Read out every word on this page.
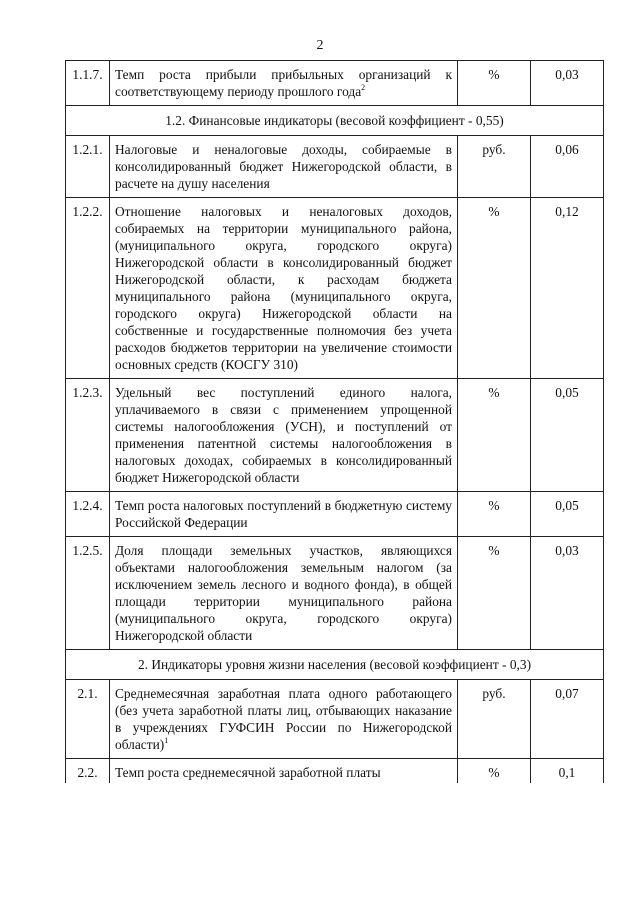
2
1.1.7.	Темп роста прибыли прибыльных организаций к соответствующему периоду прошлого года$^2$	%	0,03
1.2. Финансовые индикаторы (весовой коэффициент - 0,55)			
1.2.1.	Налоговые и неналоговые доходы, собираемые в консолидированный бюджет Нижегородской области, в расчете на душу населения	руб.	0,06
1.2.2.	Отношение налоговых и неналоговых доходов, собираемых на территории муниципального района, (муниципального округа, городского округа) Нижегородской области в консолидированный бюджет Нижегородской области, к расходам бюджета муниципального района (муниципального округа, городского округа) Нижегородской области на собственные и государственные полномочия без учета расходов бюджетов территории на увеличение стоимости основных средств (КОСГУ 310)	%	0,12
1.2.3.	Удельный вес поступлений единого налога, уплачиваемого в связи с применением упрощенной системы налогообложения (УСН), и поступлений от применения патентной системы налогообложения в налоговых доходах, собираемых в консолидированный бюджет Нижегородской области	%	0,05
1.2.4.	Темп роста налоговых поступлений в бюджетную систему Российской Федерации	%	0,05
1.2.5.	Доля площади земельных участков, являющихся объектами налогообложения земельным налогом (за исключением земель лесного и водного фонда), в общей площади территории муниципального района (муниципального округа, городского округа) Нижегородской области	%	0,03
2. Индикаторы уровня жизни населения (весовой коэффициент - 0,3)			
2.1.	Среднемесячная заработная плата одного работающего (без учета заработной платы лиц, отбывающих наказание в учреждениях ГУФСИН России по Нижегородской области)$^1$	руб.	0,07
2.2.	Темп роста среднемесячной заработной платы	%	0,1
